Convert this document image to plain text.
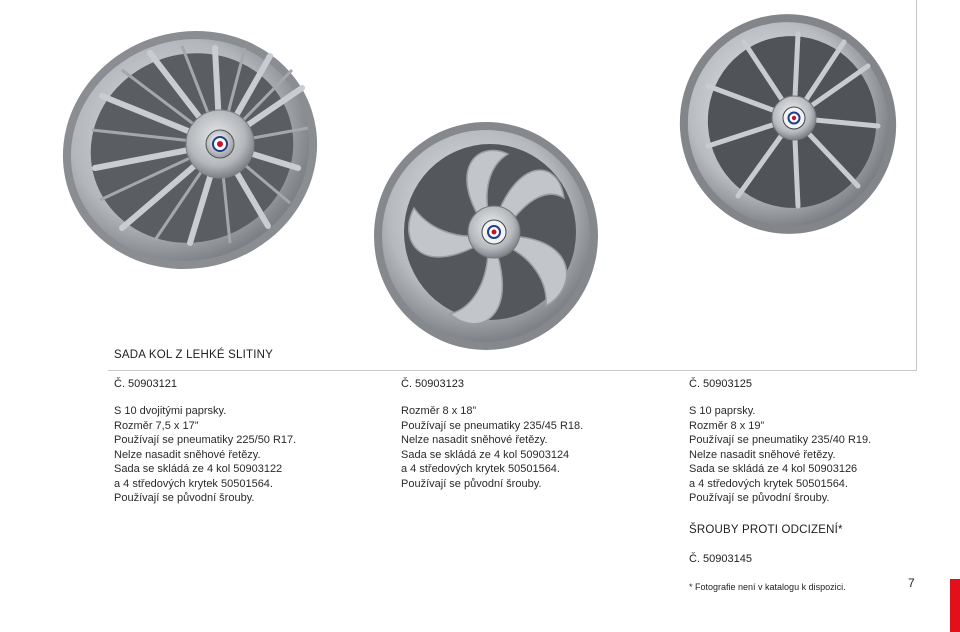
SADA KOL Z LEHKÉ SLITINY
Č. 50903121
S 10 dvojitými paprsky.
Rozměr 7,5 x 17”
Používají se pneumatiky 225/50 R17.
Nelze nasadit sněhové řetězy.
Sada se skládá ze 4 kol 50903122
a 4 středových krytek 50501564.
Používají se původní šrouby.
Č. 50903123
Rozměr 8 x 18”
Používají se pneumatiky 235/45 R18.
Nelze nasadit sněhové řetězy.
Sada se skládá ze 4 kol 50903124
a 4 středových krytek 50501564.
Používají se původní šrouby.
Č. 50903125
S 10 paprsky.
Rozměr 8 x 19”
Používají se pneumatiky 235/40 R19.
Nelze nasadit sněhové řetězy.
Sada se skládá ze 4 kol 50903126
a 4 středových krytek 50501564.
Používají se původní šrouby.
ŠROUBY PROTI ODCIZENÍ*
Č. 50903145
* Fotografie není v katalogu k dispozici.	7
